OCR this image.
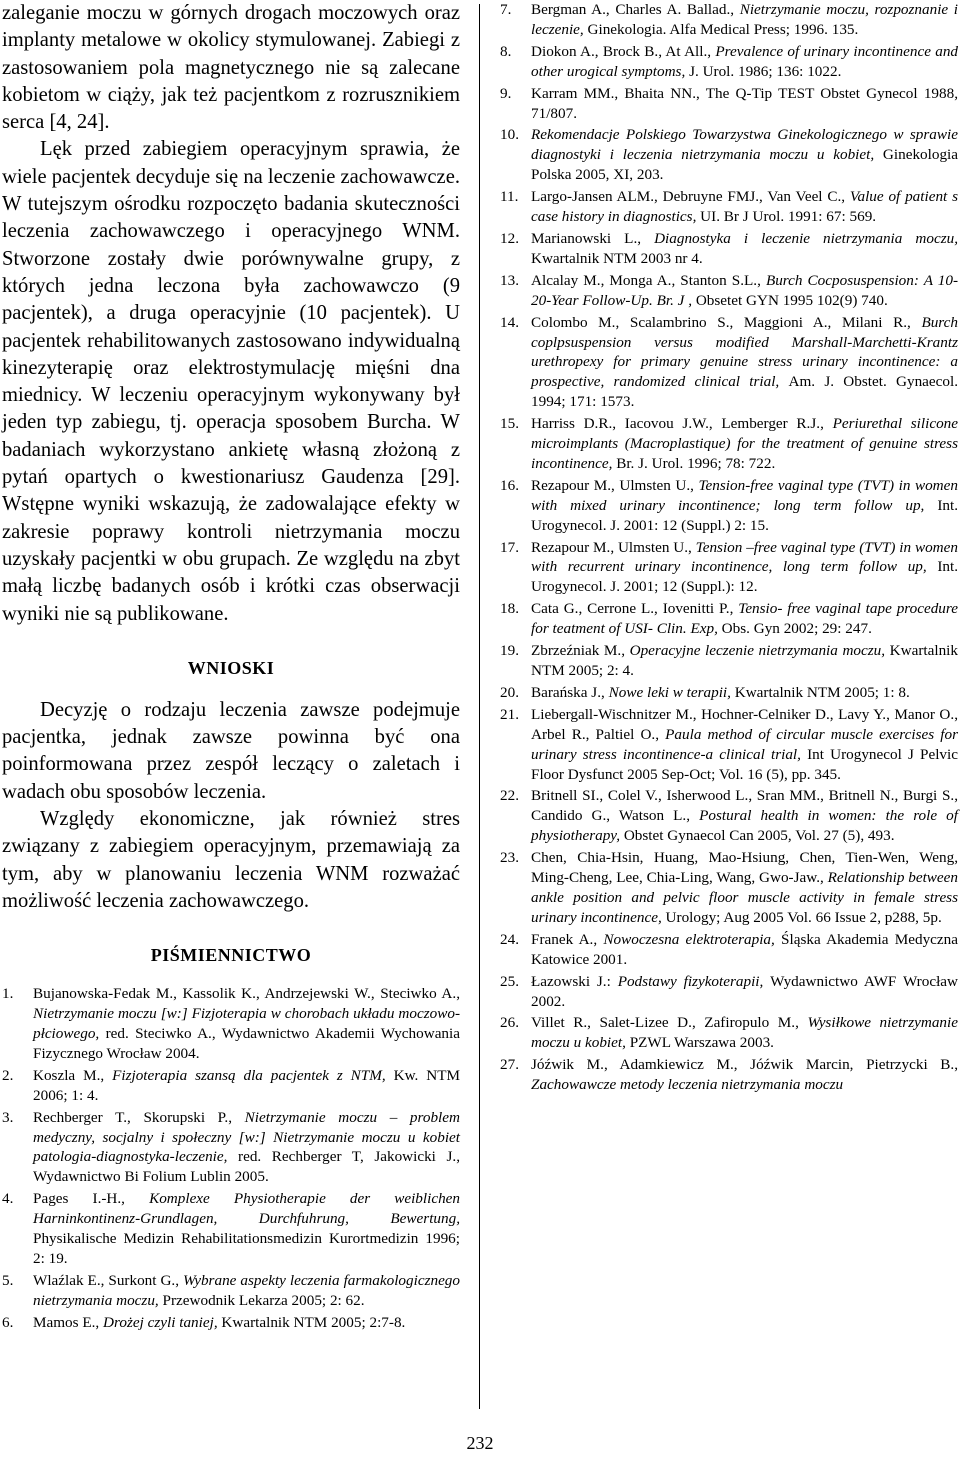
zaleganie moczu w górnych drogach moczowych oraz implanty metalowe w okolicy stymulowanej. Zabiegi z zastosowaniem pola magnetycznego nie są zalecane kobietom w ciąży, jak też pacjentkom z rozrusznikiem serca [4, 24].

Lęk przed zabiegiem operacyjnym sprawia, że wiele pacjentek decyduje się na leczenie zachowawcze. W tutejszym ośrodku rozpoczęto badania skuteczności leczenia zachowawczego i operacyjnego WNM. Stworzone zostały dwie porównywalne grupy, z których jedna leczona była zachowawczo (9 pacjentek), a druga operacyjnie (10 pacjentek). U pacjentek rehabilitowanych zastosowano indywidualną kinezyterapię oraz elektrostymulację mięśni dna miednicy. W leczeniu operacyjnym wykonywany był jeden typ zabiegu, tj. operacja sposobem Burcha. W badaniach wykorzystano ankietę własną złożoną z pytań opartych o kwestionariusz Gaudenza [29]. Wstępne wyniki wskazują, że zadowalające efekty w zakresie poprawy kontroli nietrzymania moczu uzyskały pacjentki w obu grupach. Ze względu na zbyt małą liczbę badanych osób i krótki czas obserwacji wyniki nie są publikowane.

WNIOSKI

Decyzję o rodzaju leczenia zawsze podejmuje pacjentka, jednak zawsze powinna być ona poinformowana przez zespół leczący o zaletach i wadach obu sposobów leczenia.

Względy ekonomiczne, jak również stres związany z zabiegiem operacyjnym, przemawiają za tym, aby w planowaniu leczenia WNM rozważać możliwość leczenia zachowawczego.

PIŚMIENNICTWO
1. Bujanowska-Fedak M., Kassolik K., Andrzejewski W., Steciwko A., Nietrzymanie moczu [w:] Fizjoterapia w chorobach układu moczowo-płciowego, red. Steciwko A., Wydawnictwo Akademii Wychowania Fizycznego Wrocław 2004.
2. Koszla M., Fizjoterapia szansą dla pacjentek z NTM, Kw. NTM 2006; 1: 4.
3. Rechberger T., Skorupski P., Nietrzymanie moczu – problem medyczny, socjalny i społeczny [w:] Nietrzymanie moczu u kobiet patologia-diagnostyka-leczenie, red. Rechberger T, Jakowicki J., Wydawnictwo Bi Folium Lublin 2005.
4. Pages I.-H., Komplexe Physiotherapie der weiblichen Harninkontinenz-Grundlagen, Durchfuhrung, Bewertung, Physikalische Medizin Rehabilitationsmedizin Kurortmedizin 1996; 2: 19.
5. Wlaźlak E., Surkont G., Wybrane aspekty leczenia farmakologicznego nietrzymania moczu, Przewodnik Lekarza 2005; 2: 62.
6. Mamos E., Drożej czyli taniej, Kwartalnik NTM 2005; 2:7-8.
7. Bergman A., Charles A. Ballad., Nietrzymanie moczu, rozpoznanie i leczenie, Ginekologia. Alfa Medical Press; 1996. 135.
8. Diokon A., Brock B., At All., Prevalence of urinary incontinence and other urogical symptoms, J. Urol. 1986; 136: 1022.
9. Karram MM., Bhaita NN., The Q-Tip TEST Obstet Gynecol 1988, 71/807.
10. Rekomendacje Polskiego Towarzystwa Ginekologicznego w sprawie diagnostyki i leczenia nietrzymania moczu u kobiet, Ginekologia Polska 2005, XI, 203.
11. Largo-Jansen ALM., Debruyne FMJ., Van Veel C., Value of patient s case history in diagnostics, UI. Br J Urol. 1991: 67: 569.
12. Marianowski L., Diagnostyka i leczenie nietrzymania moczu, Kwartalnik NTM 2003 nr 4.
13. Alcalay M., Monga A., Stanton S.L., Burch Cocposuspension: A 10-20-Year Follow-Up. Br. J , Obsetet GYN 1995 102(9) 740.
14. Colombo M., Scalambrino S., Maggioni A., Milani R., Burch coplpsuspension versus modified Marshall-Marchetti-Krantz urethropexy for primary genuine stress urinary incontinence: a prospective, randomized clinical trial, Am. J. Obstet. Gynaecol. 1994; 171: 1573.
15. Harriss D.R., Iacovou J.W., Lemberger R.J., Periurethal silicone microimplants (Macroplastique) for the treatment of genuine stress incontinence, Br. J. Urol. 1996; 78: 722.
16. Rezapour M., Ulmsten U., Tension-free vaginal type (TVT) in women with mixed urinary incontinence; long term follow up, Int. Urogynecol. J. 2001: 12 (Suppl.) 2: 15.
17. Rezapour M., Ulmsten U., Tension –free vaginal type (TVT) in women with recurrent urinary incontinence, long term follow up, Int. Urogynecol. J. 2001; 12 (Suppl.): 12.
18. Cata G., Cerrone L., Iovenitti P., Tensio- free vaginal tape procedure for teatment of USI- Clin. Exp, Obs. Gyn 2002; 29: 247.
19. Zbrzeźniak M., Operacyjne leczenie nietrzymania moczu, Kwartalnik NTM 2005; 2: 4.
20. Barańska J., Nowe leki w terapii, Kwartalnik NTM 2005; 1: 8.
21. Liebergall-Wischnitzer M., Hochner-Celniker D., Lavy Y., Manor O., Arbel R., Paltiel O., Paula method of circular muscle exercises for urinary stress incontinence-a clinical trial, Int Urogynecol J Pelvic Floor Dysfunct 2005 Sep-Oct; Vol. 16 (5), pp. 345.
22. Britnell SI., Colel V., Isherwood L., Sran MM., Britnell N., Burgi S., Candido G., Watson L., Postural health in women: the role of physiotherapy, Obstet Gynaecol Can 2005, Vol. 27 (5), 493.
23. Chen, Chia-Hsin, Huang, Mao-Hsiung, Chen, Tien-Wen, Weng, Ming-Cheng, Lee, Chia-Ling, Wang, Gwo-Jaw., Relationship between ankle position and pelvic floor muscle activity in female stress urinary incontinence, Urology; Aug 2005 Vol. 66 Issue 2, p288, 5p.
24. Franek A., Nowoczesna elektroterapia, Śląska Akademia Medyczna Katowice 2001.
25. Łazowski J.: Podstawy fizykoterapii, Wydawnictwo AWF Wrocław 2002.
26. Villet R., Salet-Lizee D., Zafiropulo M., Wysiłkowe nietrzymanie moczu u kobiet, PZWL Warszawa 2003.
27. Jóźwik M., Adamkiewicz M., Jóźwik Marcin, Pietrzycki B., Zachowawcze metody leczenia nietrzymania moczu
232
